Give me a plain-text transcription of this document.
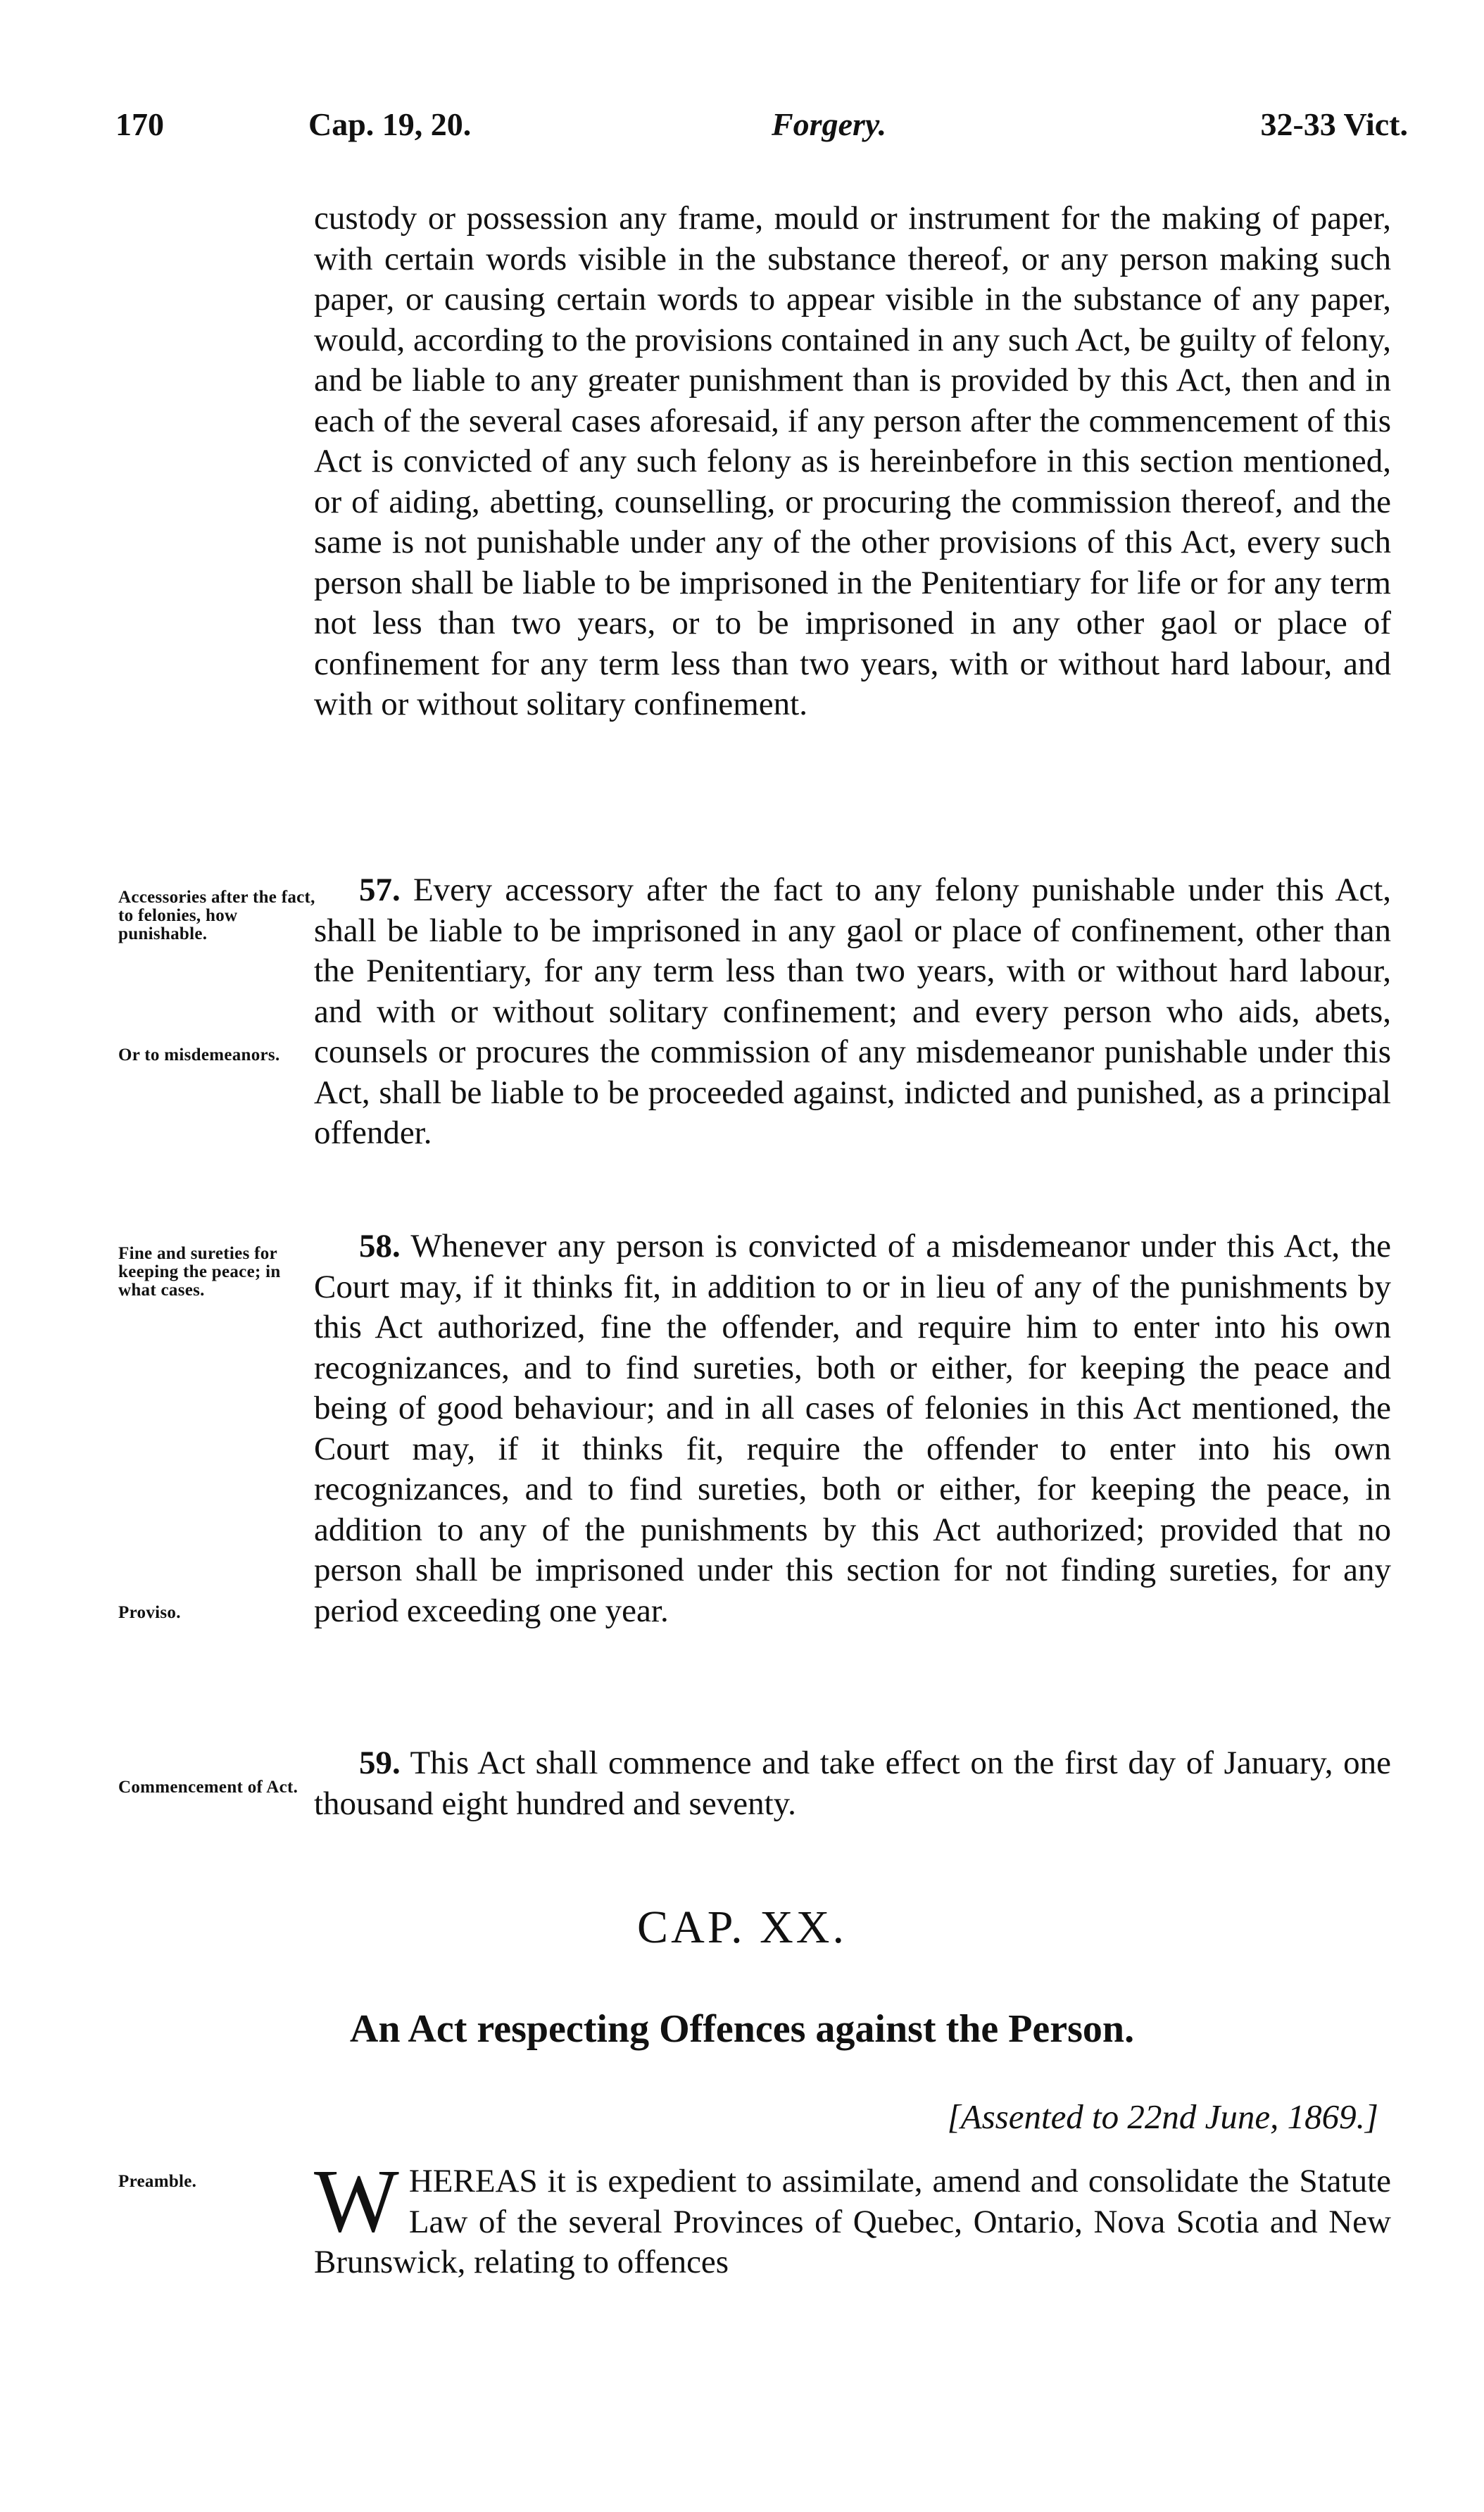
170	Cap. 19, 20.	Forgery.	32-33 Vict.

custody or possession any frame, mould or instrument for the making of paper, with certain words visible in the substance thereof, or any person making such paper, or causing certain words to appear visible in the substance of any paper, would, according to the provisions contained in any such Act, be guilty of felony, and be liable to any greater punishment than is provided by this Act, then and in each of the several cases aforesaid, if any person after the commencement of this Act is convicted of any such felony as is hereinbefore in this section mentioned, or of aiding, abetting, counselling, or procuring the commission thereof, and the same is not punishable under any of the other provisions of this Act, every such person shall be liable to be imprisoned in the Penitentiary for life or for any term not less than two years, or to be imprisoned in any other gaol or place of confinement for any term less than two years, with or without hard labour, and with or without solitary confinement.

Accessories after the fact, to felonies, how punishable.
Or to misdemeanors.

57. Every accessory after the fact to any felony punishable under this Act, shall be liable to be imprisoned in any gaol or place of confinement, other than the Penitentiary, for any term less than two years, with or without hard labour, and with or without solitary confinement; and every person who aids, abets, counsels or procures the commission of any misdemeanor punishable under this Act, shall be liable to be proceeded against, indicted and punished, as a principal offender.

Fine and sureties for keeping the peace; in what cases.
Proviso.

58. Whenever any person is convicted of a misdemeanor under this Act, the Court may, if it thinks fit, in addition to or in lieu of any of the punishments by this Act authorized, fine the offender, and require him to enter into his own recognizances, and to find sureties, both or either, for keeping the peace and being of good behaviour; and in all cases of felonies in this Act mentioned, the Court may, if it thinks fit, require the offender to enter into his own recognizances, and to find sureties, both or either, for keeping the peace, in addition to any of the punishments by this Act authorized; provided that no person shall be imprisoned under this section for not finding sureties, for any period exceeding one year.

Commencement of Act.

59. This Act shall commence and take effect on the first day of January, one thousand eight hundred and seventy.

CAP. XX.
An Act respecting Offences against the Person.
[Assented to 22nd June, 1869.]
Preamble.	W HEREAS it is expedient to assimilate, amend and consolidate the Statute Law of the several Provinces of Quebec, Ontario, Nova Scotia and New Brunswick, relating to offences
